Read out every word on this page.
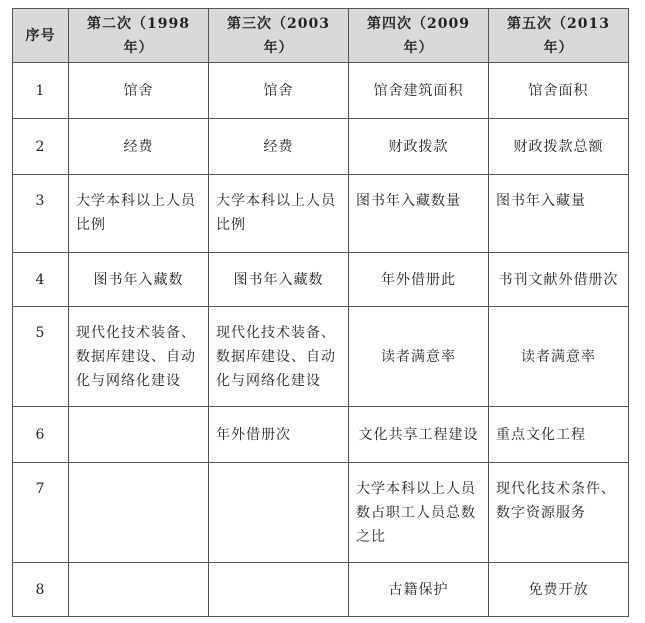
序号	第二次（1998 年）	第三次（2003 年）	第四次（2009 年）	第五次（2013 年）
1	馆舍	馆舍	馆舍建筑面积	馆舍面积
2	经费	经费	财政拨款	财政拨款总额
3	大学本科以上人员比例	大学本科以上人员比例	图书年入藏数量	图书年入藏量
4	图书年入藏数	图书年入藏数	年外借册此	书刊文献外借册次
5	现代化技术装备、数据库建设、自动化与网络化建设	现代化技术装备、数据库建设、自动化与网络化建设	读者满意率	读者满意率
6		年外借册次	文化共享工程建设	重点文化工程
7			大学本科以上人员数占职工人员总数之比	现代化技术条件、数字资源服务
8			古籍保护	免费开放
